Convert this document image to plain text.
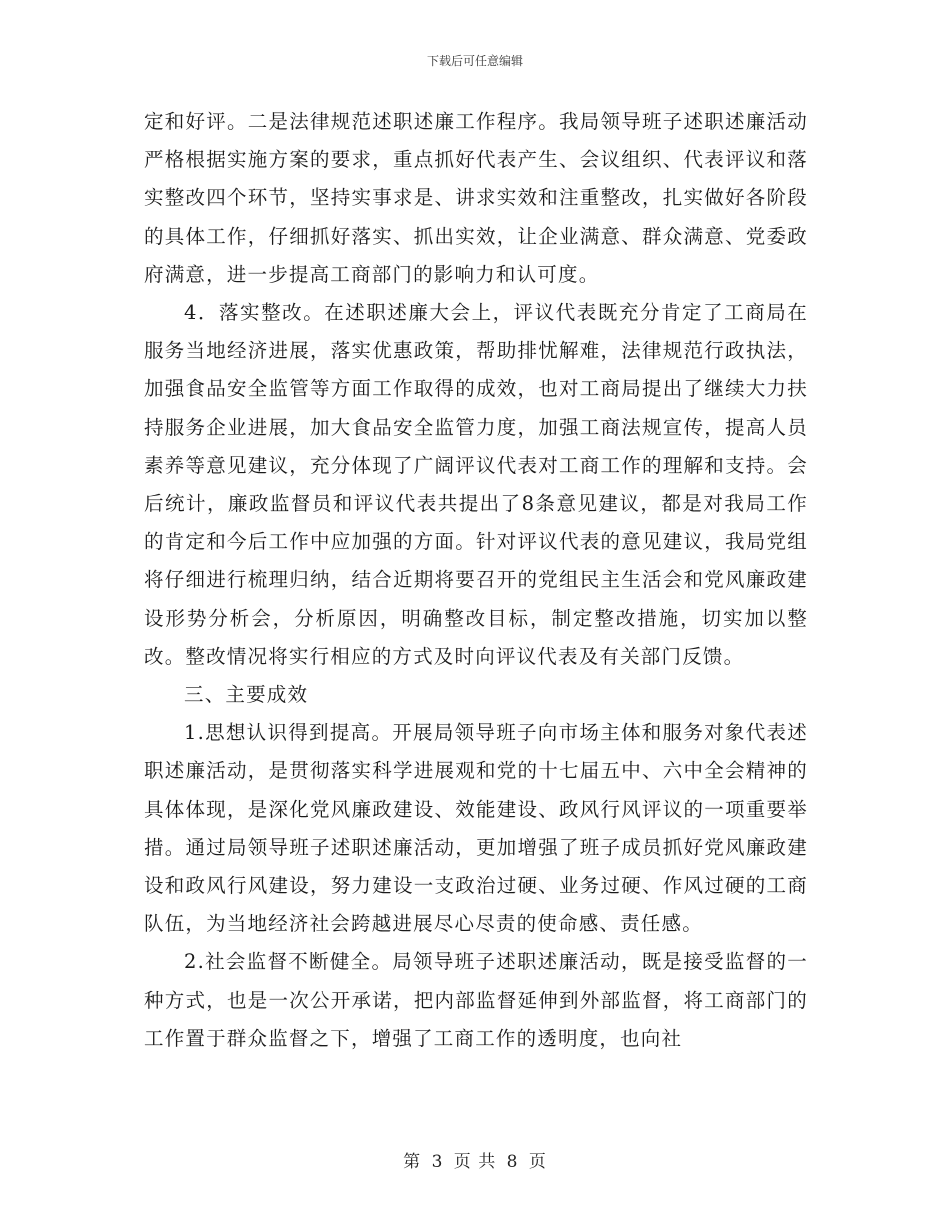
下载后可任意编辑

定和好评。二是法律规范述职述廉工作程序。我局领导班子述职述廉活动严格根据实施方案的要求，重点抓好代表产生、会议组织、代表评议和落实整改四个环节，坚持实事求是、讲求实效和注重整改，扎实做好各阶段的具体工作，仔细抓好落实、抓出实效，让企业满意、群众满意、党委政府满意，进一步提高工商部门的影响力和认可度。

4．落实整改。在述职述廉大会上，评议代表既充分肯定了工商局在服务当地经济进展，落实优惠政策，帮助排忧解难，法律规范行政执法，加强食品安全监管等方面工作取得的成效，也对工商局提出了继续大力扶持服务企业进展，加大食品安全监管力度，加强工商法规宣传，提高人员素养等意见建议，充分体现了广阔评议代表对工商工作的理解和支持。会后统计，廉政监督员和评议代表共提出了8条意见建议，都是对我局工作的肯定和今后工作中应加强的方面。针对评议代表的意见建议，我局党组将仔细进行梳理归纳，结合近期将要召开的党组民主生活会和党风廉政建设形势分析会，分析原因，明确整改目标，制定整改措施，切实加以整改。整改情况将实行相应的方式及时向评议代表及有关部门反馈。

三、主要成效

1.思想认识得到提高。开展局领导班子向市场主体和服务对象代表述职述廉活动，是贯彻落实科学进展观和党的十七届五中、六中全会精神的具体体现，是深化党风廉政建设、效能建设、政风行风评议的一项重要举措。通过局领导班子述职述廉活动，更加增强了班子成员抓好党风廉政建设和政风行风建设，努力建设一支政治过硬、业务过硬、作风过硬的工商队伍，为当地经济社会跨越进展尽心尽责的使命感、责任感。

2.社会监督不断健全。局领导班子述职述廉活动，既是接受监督的一种方式，也是一次公开承诺，把内部监督延伸到外部监督，将工商部门的工作置于群众监督之下，增强了工商工作的透明度，也向社

第 3 页 共 8 页
